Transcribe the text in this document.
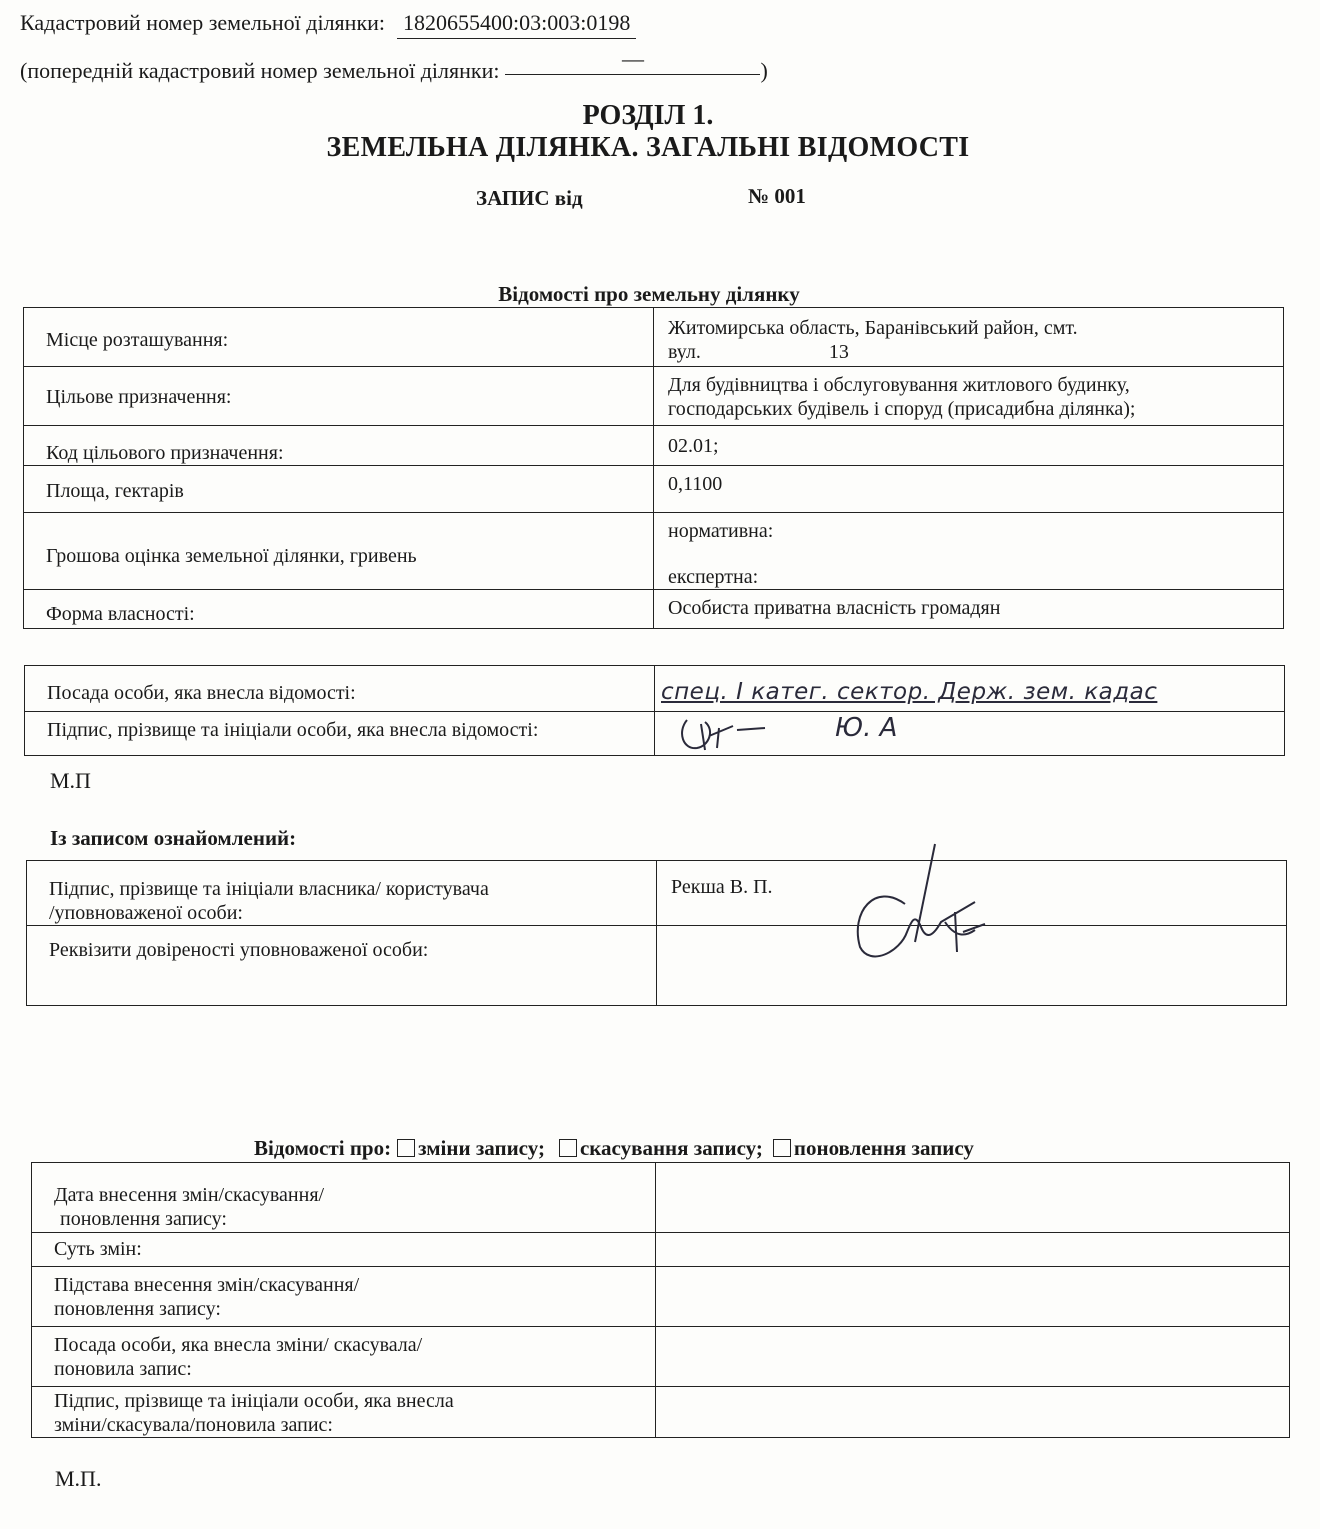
Кадастровий номер земельної ділянки: 1820655400:03:003:0198
(попередній кадастровий номер земельної ділянки:	—	)
РОЗДІЛ 1.
ЗЕМЕЛЬНА ДІЛЯНКА. ЗАГАЛЬНІ ВІДОМОСТІ
ЗАПИС від	№ 001
Відомості про земельну ділянку
Місце розташування:	Житомирська область, Баранівський район, смт.
вул. 13

Цільове призначення:	Для будівництва і обслуговування житлового будинку,
господарських будівель і споруд (присадибна ділянка);

Код цільового призначення:	02.01;
Площа, гектарів	0,1100
Грошова оцінка земельної ділянки, гривень	нормативна:
експертна:

Форма власності:	Особиста приватна власність громадян
Посада особи, яка внесла відомості:	спец. I катег. сектор. Держ. зем. кадас
Підпис, прізвище та ініціали особи, яка внесла відомості:	Ю. А
М.П
Із записом ознайомлений:
Підпис, прізвище та ініціали власника/ користувача
/уповноваженої особи:	Рекша В. П.
Реквізити довіреності уповноваженої особи:	
Відомості про: зміни запису; скасування запису; поновлення запису
Дата внесення змін/скасування/
поновлення запису:	

Суть змін:	

Підстава внесення змін/скасування/
поновлення запису:	

Посада особи, яка внесла зміни/ скасувала/
поновила запис:	

Підпис, прізвище та ініціали особи, яка внесла
зміни/скасувала/поновила запис:	

М.П.
